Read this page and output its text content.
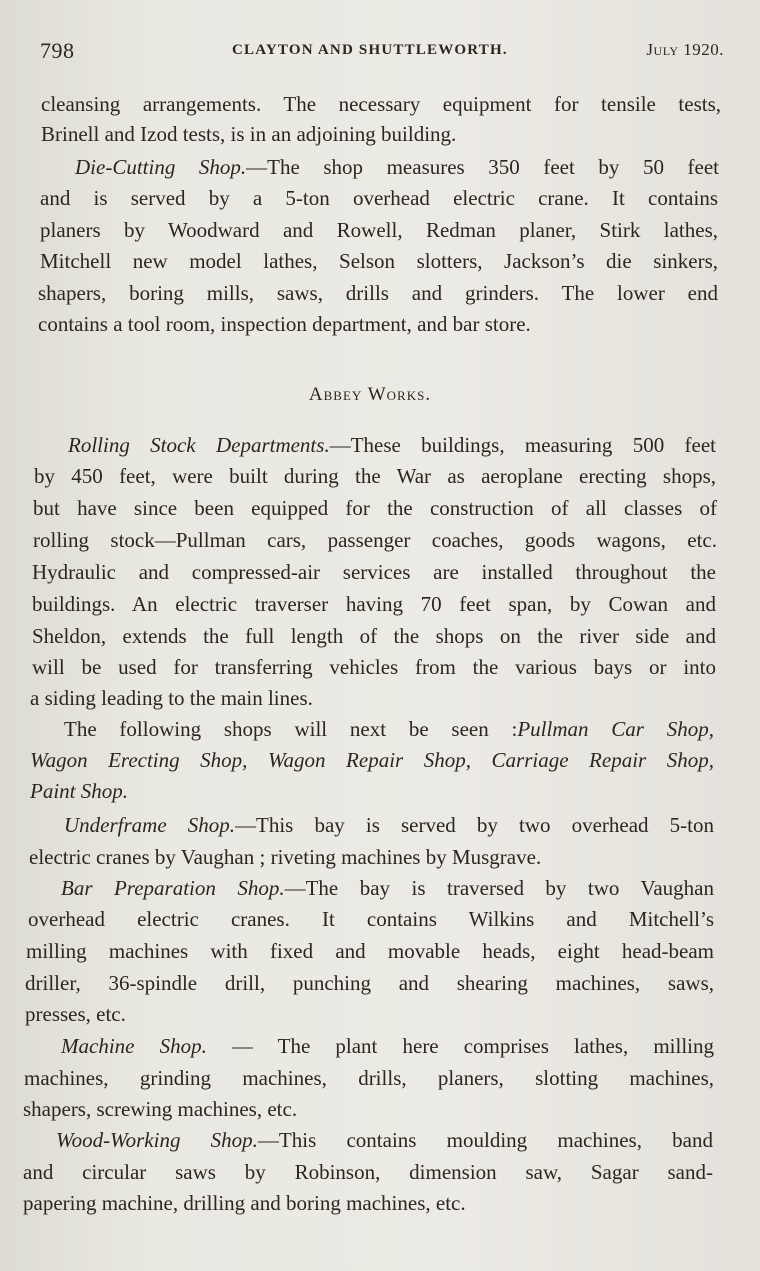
798	CLAYTON AND SHUTTLEWORTH.	July 1920.
cleansing arrangements. The necessary equipment for tensile tests,
Brinell and Izod tests, is in an adjoining building.
Die-Cutting Shop.—The shop measures 350 feet by 50 feet
and is served by a 5-ton overhead electric crane. It contains
planers by Woodward and Rowell, Redman planer, Stirk lathes,
Mitchell new model lathes, Selson slotters, Jackson’s die sinkers,
shapers, boring mills, saws, drills and grinders. The lower end
contains a tool room, inspection department, and bar store.
Abbey Works.
Rolling Stock Departments.—These buildings, measuring 500 feet
by 450 feet, were built during the War as aeroplane erecting shops,
but have since been equipped for the construction of all classes of
rolling stock—Pullman cars, passenger coaches, goods wagons, etc.
Hydraulic and compressed-air services are installed throughout the
buildings. An electric traverser having 70 feet span, by Cowan and
Sheldon, extends the full length of the shops on the river side and
will be used for transferring vehicles from the various bays or into
a siding leading to the main lines.
The following shops will next be seen :Pullman Car Shop,
Wagon Erecting Shop, Wagon Repair Shop, Carriage Repair Shop,
Paint Shop.
Underframe Shop.—This bay is served by two overhead 5-ton
electric cranes by Vaughan ; riveting machines by Musgrave.
Bar Preparation Shop.—The bay is traversed by two Vaughan
overhead electric cranes. It contains Wilkins and Mitchell’s
milling machines with fixed and movable heads, eight head-beam
driller, 36-spindle drill, punching and shearing machines, saws,
presses, etc.
Machine Shop. — The plant here comprises lathes, milling
machines, grinding machines, drills, planers, slotting machines,
shapers, screwing machines, etc.
Wood-Working Shop.—This contains moulding machines, band
and circular saws by Robinson, dimension saw, Sagar sand-
papering machine, drilling and boring machines, etc.
